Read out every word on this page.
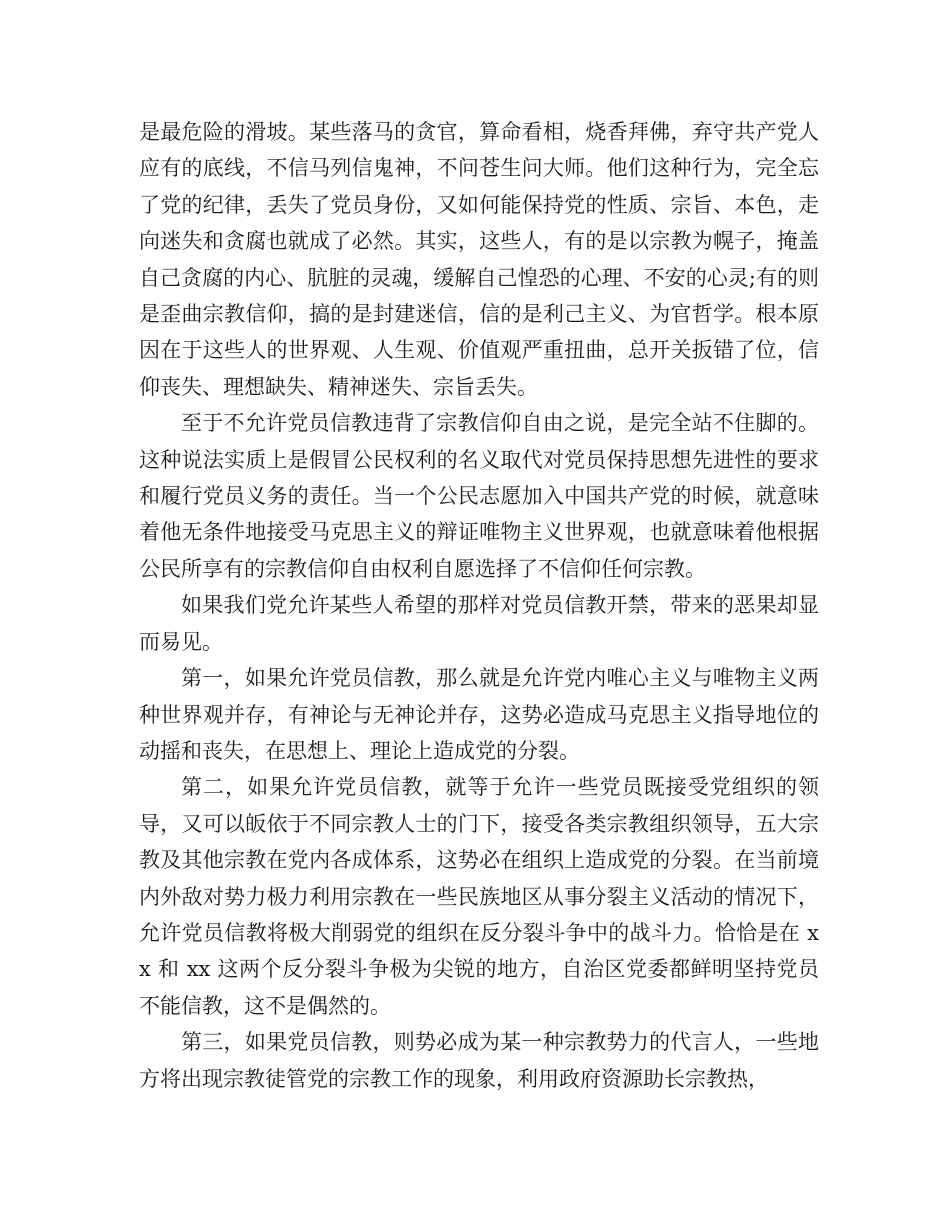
是最危险的滑坡。某些落马的贪官，算命看相，烧香拜佛，弃守共产党人应有的底线，不信马列信鬼神，不问苍生问大师。他们这种行为，完全忘了党的纪律，丢失了党员身份，又如何能保持党的性质、宗旨、本色，走向迷失和贪腐也就成了必然。其实，这些人，有的是以宗教为幌子，掩盖自己贪腐的内心、肮脏的灵魂，缓解自己惶恐的心理、不安的心灵;有的则是歪曲宗教信仰，搞的是封建迷信，信的是利己主义、为官哲学。根本原因在于这些人的世界观、人生观、价值观严重扭曲，总开关扳错了位，信仰丧失、理想缺失、精神迷失、宗旨丢失。

至于不允许党员信教违背了宗教信仰自由之说，是完全站不住脚的。这种说法实质上是假冒公民权利的名义取代对党员保持思想先进性的要求和履行党员义务的责任。当一个公民志愿加入中国共产党的时候，就意味着他无条件地接受马克思主义的辩证唯物主义世界观，也就意味着他根据公民所享有的宗教信仰自由权利自愿选择了不信仰任何宗教。

如果我们党允许某些人希望的那样对党员信教开禁，带来的恶果却显而易见。

第一，如果允许党员信教，那么就是允许党内唯心主义与唯物主义两种世界观并存，有神论与无神论并存，这势必造成马克思主义指导地位的动摇和丧失，在思想上、理论上造成党的分裂。

第二，如果允许党员信教，就等于允许一些党员既接受党组织的领导，又可以皈依于不同宗教人士的门下，接受各类宗教组织领导，五大宗教及其他宗教在党内各成体系，这势必在组织上造成党的分裂。在当前境内外敌对势力极力利用宗教在一些民族地区从事分裂主义活动的情况下，允许党员信教将极大削弱党的组织在反分裂斗争中的战斗力。恰恰是在 xx 和 xx 这两个反分裂斗争极为尖锐的地方，自治区党委都鲜明坚持党员不能信教，这不是偶然的。

第三，如果党员信教，则势必成为某一种宗教势力的代言人，一些地方将出现宗教徒管党的宗教工作的现象，利用政府资源助长宗教热，
